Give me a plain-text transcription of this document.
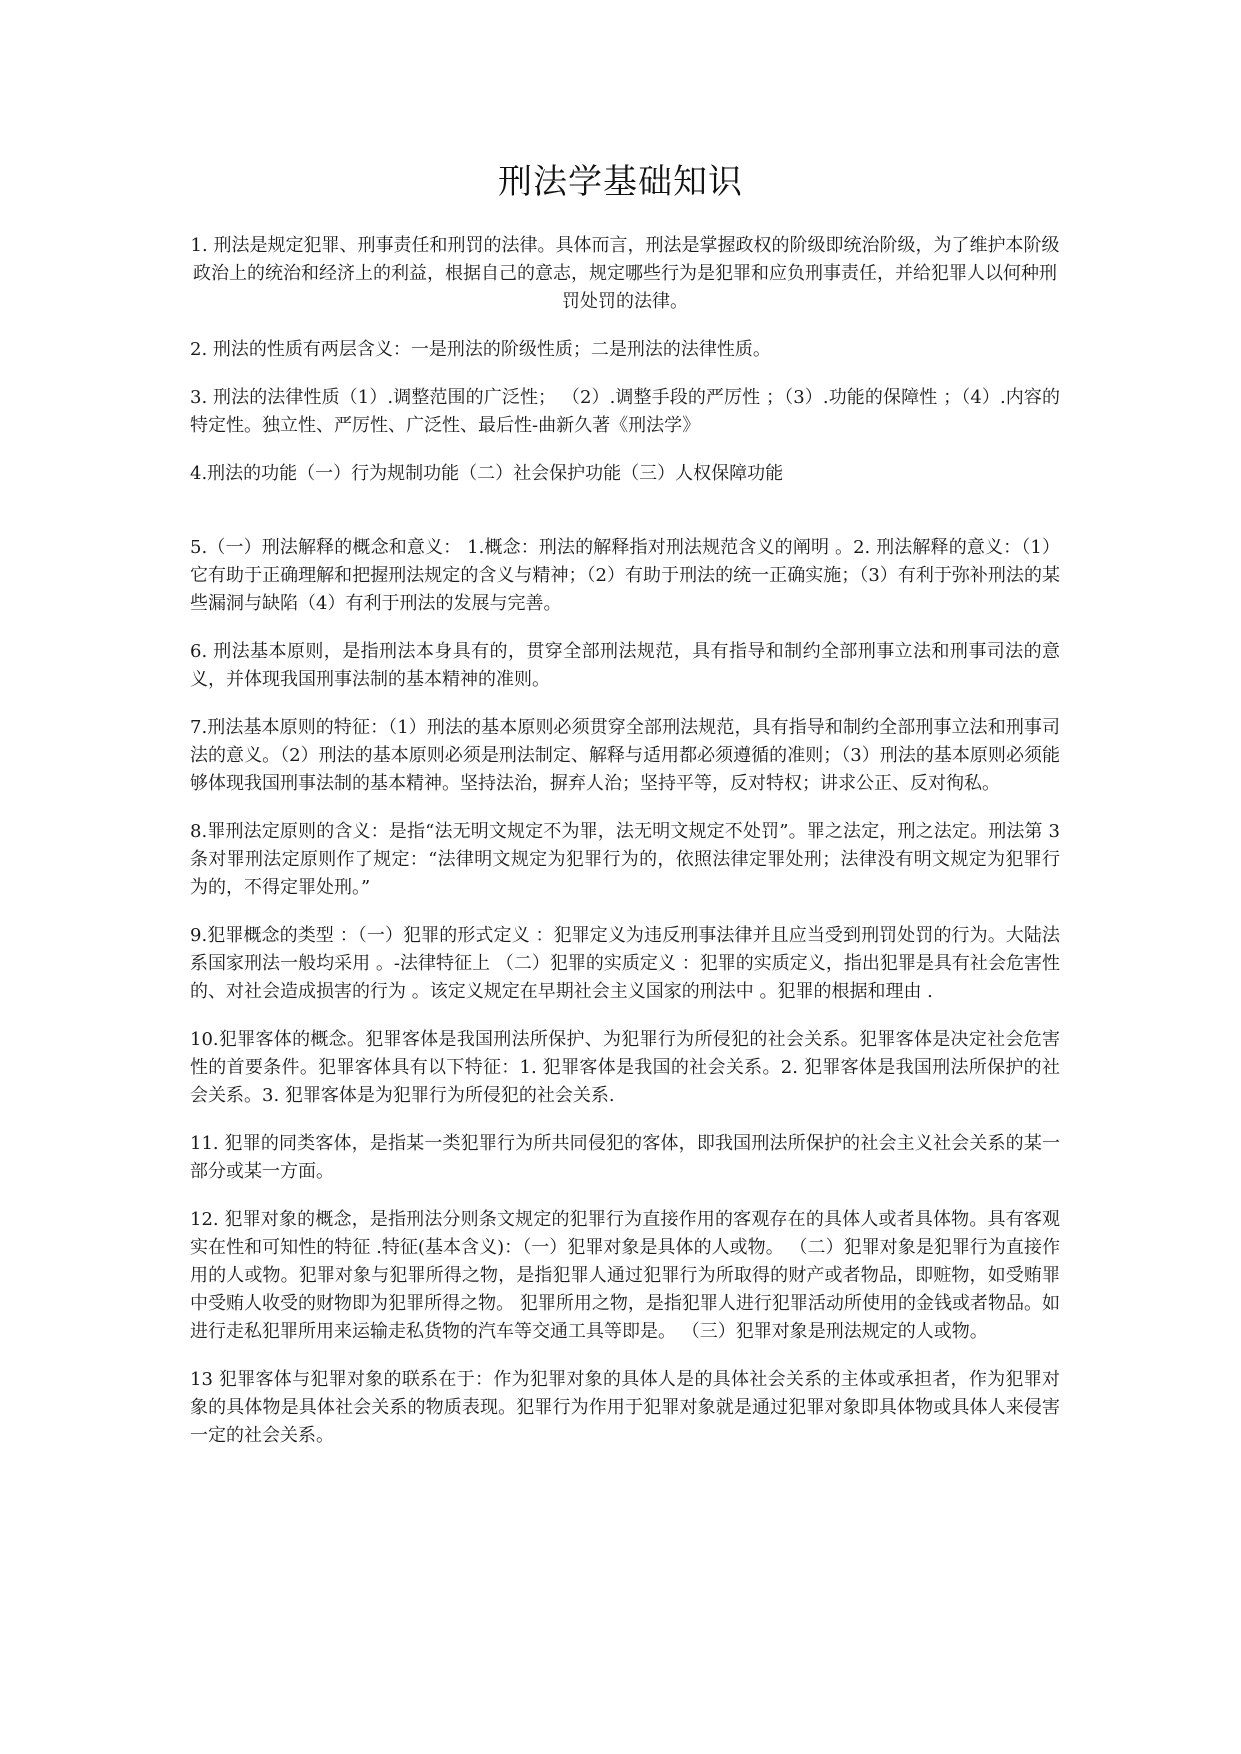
刑法学基础知识

1. 刑法是规定犯罪、刑事责任和刑罚的法律。具体而言，刑法是掌握政权的阶级即统治阶级，为了维护本阶级政治上的统治和经济上的利益，根据自己的意志，规定哪些行为是犯罪和应负刑事责任，并给犯罪人以何种刑罚处罚的法律。

2. 刑法的性质有两层含义：一是刑法的阶级性质；二是刑法的法律性质。

3. 刑法的法律性质（1）.调整范围的广泛性； （2）.调整手段的严厉性 ；（3）.功能的保障性 ；（4）.内容的特定性。独立性、严厉性、广泛性、最后性-曲新久著《刑法学》

4.刑法的功能（一）行为规制功能（二）社会保护功能（三）人权保障功能

5.（一）刑法解释的概念和意义： 1.概念：刑法的解释指对刑法规范含义的阐明 。2. 刑法解释的意义：（1）它有助于正确理解和把握刑法规定的含义与精神；（2）有助于刑法的统一正确实施；（3）有利于弥补刑法的某些漏洞与缺陷（4）有利于刑法的发展与完善。

6. 刑法基本原则，是指刑法本身具有的，贯穿全部刑法规范，具有指导和制约全部刑事立法和刑事司法的意义，并体现我国刑事法制的基本精神的准则。

7.刑法基本原则的特征：（1）刑法的基本原则必须贯穿全部刑法规范，具有指导和制约全部刑事立法和刑事司法的意义。（2）刑法的基本原则必须是刑法制定、解释与适用都必须遵循的准则；（3）刑法的基本原则必须能够体现我国刑事法制的基本精神。坚持法治，摒弃人治；坚持平等，反对特权；讲求公正、反对徇私。

8.罪刑法定原则的含义：是指“法无明文规定不为罪，法无明文规定不处罚”。罪之法定，刑之法定。刑法第 3 条对罪刑法定原则作了规定：“法律明文规定为犯罪行为的，依照法律定罪处刑；法律没有明文规定为犯罪行为的，不得定罪处刑。”

9.犯罪概念的类型 ：（一）犯罪的形式定义 ：犯罪定义为违反刑事法律并且应当受到刑罚处罚的行为。大陆法系国家刑法一般均采用 。-法律特征上 （二）犯罪的实质定义 ：犯罪的实质定义，指出犯罪是具有社会危害性的、对社会造成损害的行为 。该定义规定在早期社会主义国家的刑法中 。犯罪的根据和理由 .

10.犯罪客体的概念。犯罪客体是我国刑法所保护、为犯罪行为所侵犯的社会关系。犯罪客体是决定社会危害性的首要条件。犯罪客体具有以下特征：1. 犯罪客体是我国的社会关系。2. 犯罪客体是我国刑法所保护的社会关系。3. 犯罪客体是为犯罪行为所侵犯的社会关系.

11. 犯罪的同类客体，是指某一类犯罪行为所共同侵犯的客体，即我国刑法所保护的社会主义社会关系的某一部分或某一方面。

12. 犯罪对象的概念，是指刑法分则条文规定的犯罪行为直接作用的客观存在的具体人或者具体物。具有客观实在性和可知性的特征 .特征(基本含义)：（一）犯罪对象是具体的人或物。 （二）犯罪对象是犯罪行为直接作用的人或物。犯罪对象与犯罪所得之物，是指犯罪人通过犯罪行为所取得的财产或者物品，即赃物，如受贿罪中受贿人收受的财物即为犯罪所得之物。 犯罪所用之物，是指犯罪人进行犯罪活动所使用的金钱或者物品。如进行走私犯罪所用来运输走私货物的汽车等交通工具等即是。 （三）犯罪对象是刑法规定的人或物。

13 犯罪客体与犯罪对象的联系在于：作为犯罪对象的具体人是的具体社会关系的主体或承担者，作为犯罪对象的具体物是具体社会关系的物质表现。犯罪行为作用于犯罪对象就是通过犯罪对象即具体物或具体人来侵害一定的社会关系。
